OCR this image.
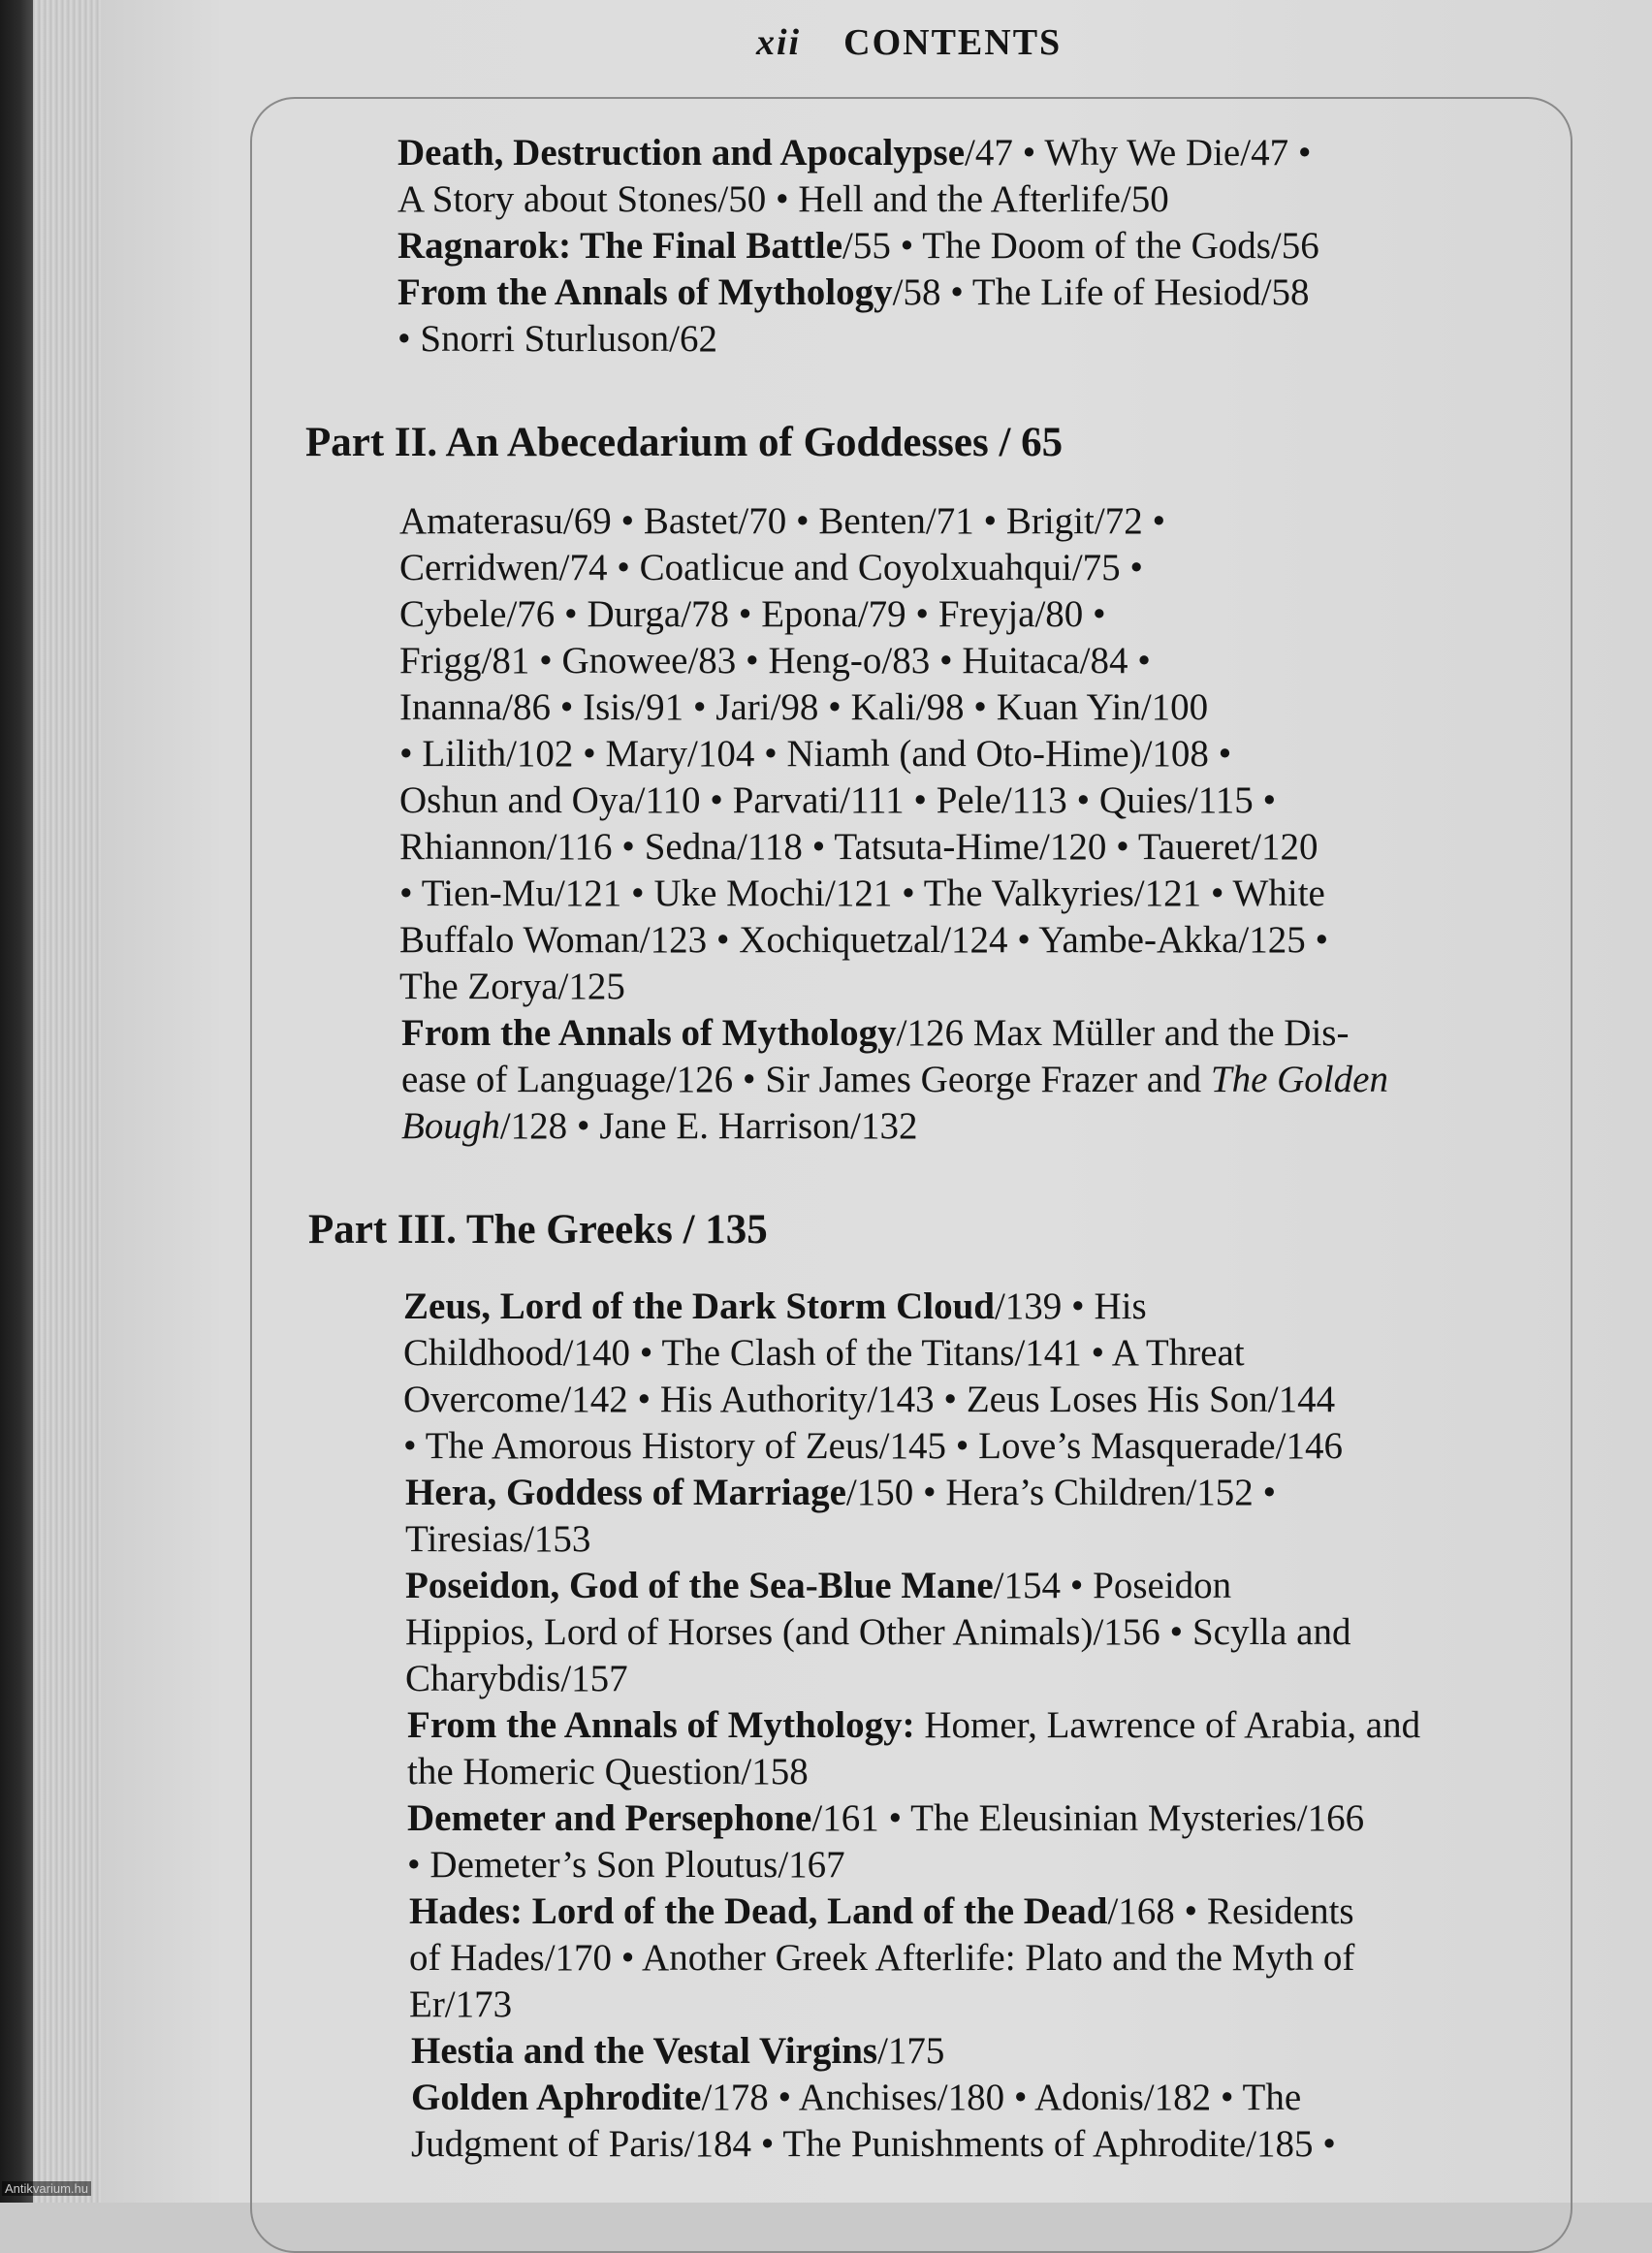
xii CONTENTS
Death, Destruction and Apocalypse/47 • Why We Die/47 •
A Story about Stones/50 • Hell and the Afterlife/50
Ragnarok: The Final Battle/55 • The Doom of the Gods/56
From the Annals of Mythology/58 • The Life of Hesiod/58
• Snorri Sturluson/62
Part II. An Abecedarium of Goddesses / 65
Amaterasu/69 • Bastet/70 • Benten/71 • Brigit/72 •
Cerridwen/74 • Coatlicue and Coyolxuahqui/75 •
Cybele/76 • Durga/78 • Epona/79 • Freyja/80 •
Frigg/81 • Gnowee/83 • Heng-o/83 • Huitaca/84 •
Inanna/86 • Isis/91 • Jari/98 • Kali/98 • Kuan Yin/100
• Lilith/102 • Mary/104 • Niamh (and Oto-Hime)/108 •
Oshun and Oya/110 • Parvati/111 • Pele/113 • Quies/115 •
Rhiannon/116 • Sedna/118 • Tatsuta-Hime/120 • Taueret/120
• Tien-Mu/121 • Uke Mochi/121 • The Valkyries/121 • White
Buffalo Woman/123 • Xochiquetzal/124 • Yambe-Akka/125 •
The Zorya/125
From the Annals of Mythology/126 Max Müller and the Dis-
ease of Language/126 • Sir James George Frazer and The Golden
Bough/128 • Jane E. Harrison/132
Part III. The Greeks / 135
Zeus, Lord of the Dark Storm Cloud/139 • His
Childhood/140 • The Clash of the Titans/141 • A Threat
Overcome/142 • His Authority/143 • Zeus Loses His Son/144
• The Amorous History of Zeus/145 • Love’s Masquerade/146
Hera, Goddess of Marriage/150 • Hera’s Children/152 •
Tiresias/153
Poseidon, God of the Sea-Blue Mane/154 • Poseidon
Hippios, Lord of Horses (and Other Animals)/156 • Scylla and
Charybdis/157
From the Annals of Mythology: Homer, Lawrence of Arabia, and
the Homeric Question/158
Demeter and Persephone/161 • The Eleusinian Mysteries/166
• Demeter’s Son Ploutus/167
Hades: Lord of the Dead, Land of the Dead/168 • Residents
of Hades/170 • Another Greek Afterlife: Plato and the Myth of
Er/173
Hestia and the Vestal Virgins/175
Golden Aphrodite/178 • Anchises/180 • Adonis/182 • The
Judgment of Paris/184 • The Punishments of Aphrodite/185 •
Antikvarium.hu
